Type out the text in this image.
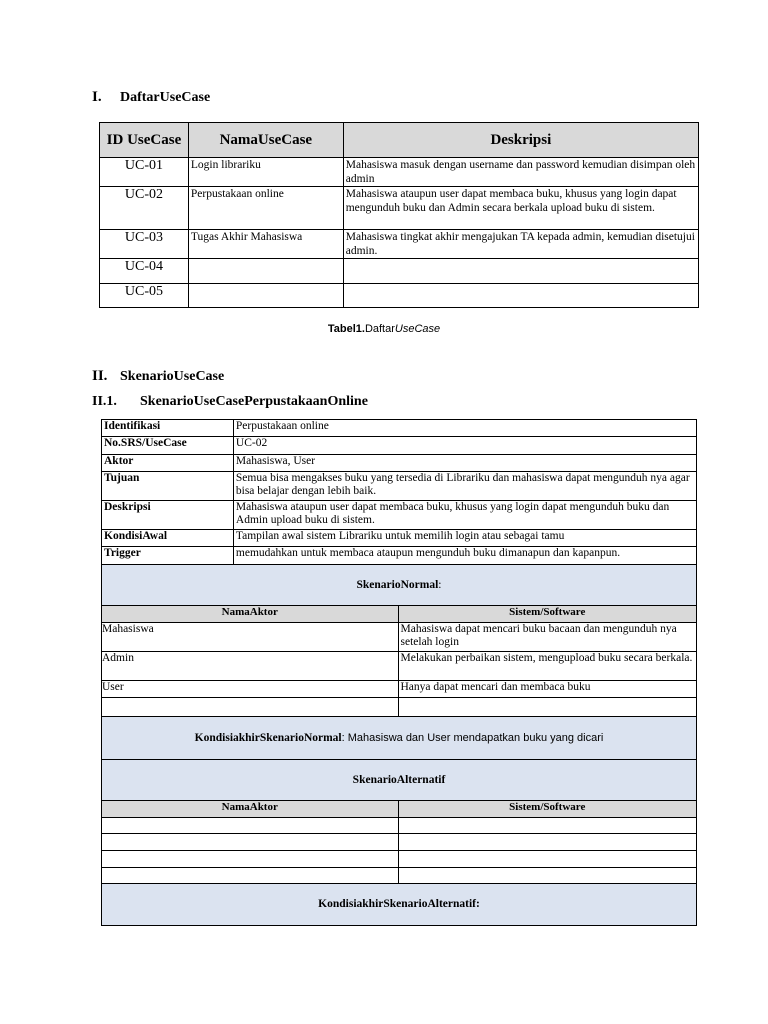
I. DaftarUseCase
ID UseCase	NamaUseCase	Deskripsi
UC-01	Login librariku	Mahasiswa masuk dengan username dan password kemudian disimpan oleh admin
UC-02	Perpustakaan online	Mahasiswa ataupun user dapat membaca buku, khusus yang login dapat mengunduh buku dan Admin secara berkala upload buku di sistem.
UC-03	Tugas Akhir Mahasiswa	Mahasiswa tingkat akhir mengajukan TA kepada admin, kemudian disetujui admin.
UC-04		
UC-05		
Tabel1.DaftarUseCase
II. SkenarioUseCase
II.1. SkenarioUseCasePerpustakaanOnline
Identifikasi	Perpustakaan online	
No.SRS/UseCase	UC-02	
Aktor	Mahasiswa, User	
Tujuan	Semua bisa mengakses buku yang tersedia di Librariku dan mahasiswa dapat mengunduh nya agar bisa belajar dengan lebih baik.	
Deskripsi	Mahasiswa ataupun user dapat membaca buku, khusus yang login dapat mengunduh buku dan Admin upload buku di sistem.	
KondisiAwal	Tampilan awal sistem Librariku untuk memilih login atau sebagai tamu	
Trigger	memudahkan untuk membaca ataupun mengunduh buku dimanapun dan kapanpun.	
SkenarioNormal:		
NamaAktor		Sistem/Software
Mahasiswa		Mahasiswa dapat mencari buku bacaan dan mengunduh nya setelah login
Admin		Melakukan perbaikan sistem, mengupload buku secara berkala.
User		Hanya dapat mencari dan membaca buku

KondisiakhirSkenarioNormal: Mahasiswa dan User mendapatkan buku yang dicari		
SkenarioAlternatif		
NamaAktor		Sistem/Software

KondisiakhirSkenarioAlternatif:		
